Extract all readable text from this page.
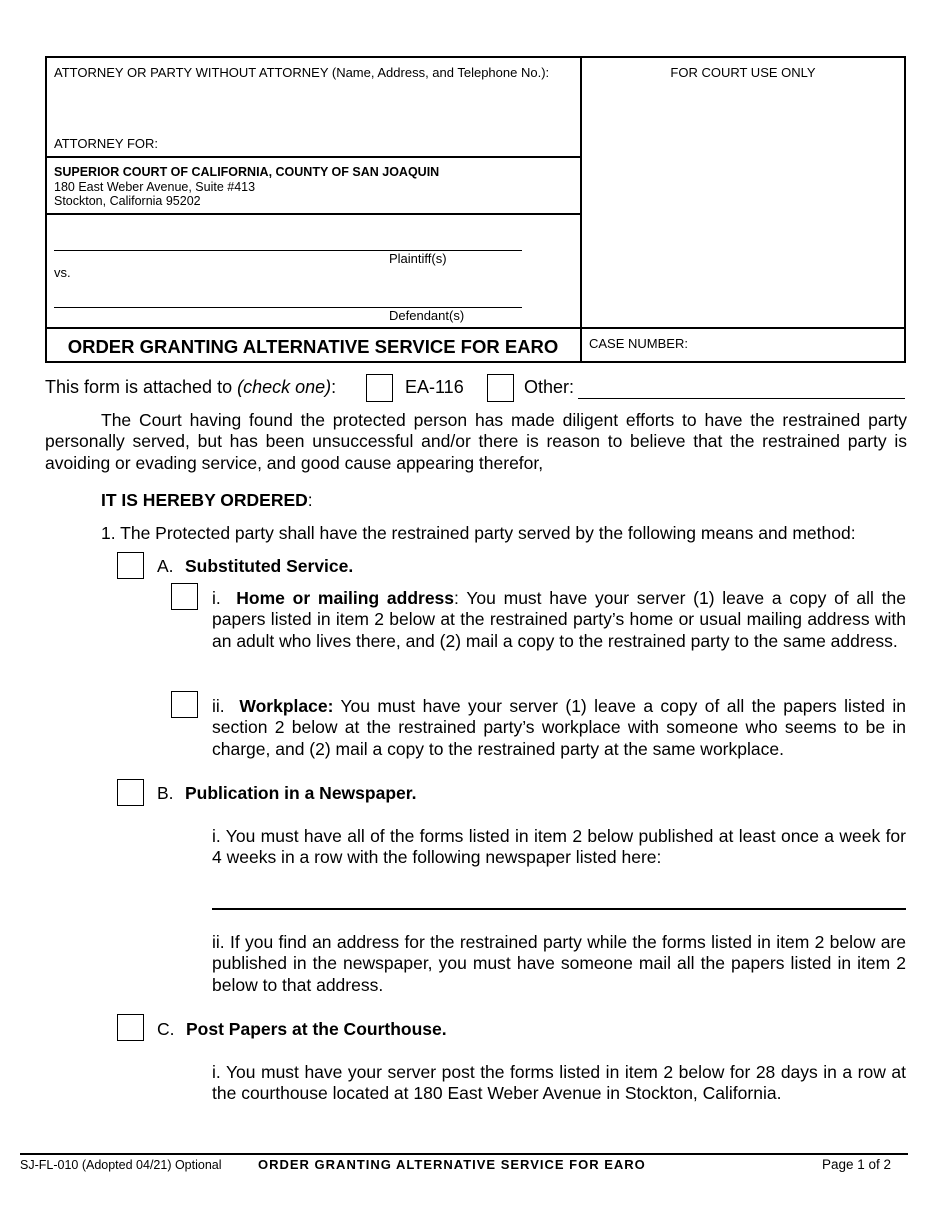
ATTORNEY OR PARTY WITHOUT ATTORNEY (Name, Address, and Telephone No.):
ATTORNEY FOR:
FOR COURT USE ONLY
SUPERIOR COURT OF CALIFORNIA, COUNTY OF SAN JOAQUIN
180 East Weber Avenue, Suite #413
Stockton, California 95202
Plaintiff(s)
vs.
Defendant(s)
ORDER GRANTING ALTERNATIVE SERVICE FOR EARO	CASE NUMBER:
This form is attached to (check one):	EA-116	Other:
The Court having found the protected person has made diligent efforts to have the restrained party personally served, but has been unsuccessful and/or there is reason to believe that the restrained party is avoiding or evading service, and good cause appearing therefor,
IT IS HEREBY ORDERED:
1. The Protected party shall have the restrained party served by the following means and method:
A. Substituted Service.
i. Home or mailing address: You must have your server (1) leave a copy of all the papers listed in item 2 below at the restrained party’s home or usual mailing address with an adult who lives there, and (2) mail a copy to the restrained party to the same address.
ii. Workplace: You must have your server (1) leave a copy of all the papers listed in section 2 below at the restrained party’s workplace with someone who seems to be in charge, and (2) mail a copy to the restrained party at the same workplace.
B. Publication in a Newspaper.
i. You must have all of the forms listed in item 2 below published at least once a week for 4 weeks in a row with the following newspaper listed here:
ii. If you find an address for the restrained party while the forms listed in item 2 below are published in the newspaper, you must have someone mail all the papers listed in item 2 below to that address.
C. Post Papers at the Courthouse.
i. You must have your server post the forms listed in item 2 below for 28 days in a row at the courthouse located at 180 East Weber Avenue in Stockton, California.
SJ-FL-010 (Adopted 04/21) Optional	ORDER GRANTING ALTERNATIVE SERVICE FOR EARO	Page 1 of 2
